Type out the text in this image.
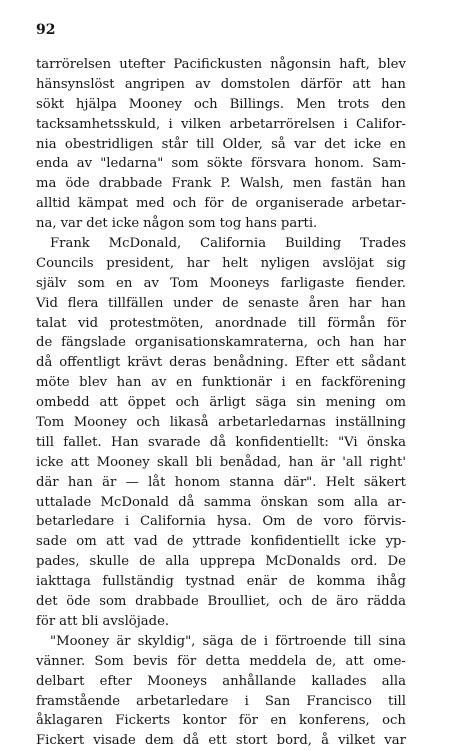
92
tarrörelsen utefter Pacifickusten någonsin haft, blev
hänsynslöst angripen av domstolen därför att han
sökt hjälpa Mooney och Billings. Men trots den
tacksamhetsskuld, i vilken arbetarrörelsen i Califor-
nia obestridligen står till Older, så var det icke en
enda av "ledarna" som sökte försvara honom. Sam-
ma öde drabbade Frank P. Walsh, men fastän han
alltid kämpat med och för de organiserade arbetar-
na, var det icke någon som tog hans parti.
Frank McDonald, California Building Trades
Councils president, har helt nyligen avslöjat sig
själv som en av Tom Mooneys farligaste fiender.
Vid flera tillfällen under de senaste åren har han
talat vid protestmöten, anordnade till förmån för
de fängslade organisationskamraterna, och han har
då offentligt krävt deras benådning. Efter ett sådant
möte blev han av en funktionär i en fackförening
ombedd att öppet och ärligt säga sin mening om
Tom Mooney och likaså arbetarledarnas inställning
till fallet. Han svarade då konfidentiellt: "Vi önska
icke att Mooney skall bli benådad, han är 'all right'
där han är — låt honom stanna där". Helt säkert
uttalade McDonald då samma önskan som alla ar-
betarledare i California hysa. Om de voro förvis-
sade om att vad de yttrade konfidentiellt icke yp-
pades, skulle de alla upprepa McDonalds ord. De
iakttaga fullständig tystnad enär de komma ihåg
det öde som drabbade Broulliet, och de äro rädda
för att bli avslöjade.
"Mooney är skyldig", säga de i förtroende till sina
vänner. Som bevis för detta meddela de, att ome-
delbart efter Mooneys anhållande kallades alla
framstående arbetarledare i San Francisco till
åklagaren Fickerts kontor för en konferens, och
Fickert visade dem då ett stort bord, å vilket var
